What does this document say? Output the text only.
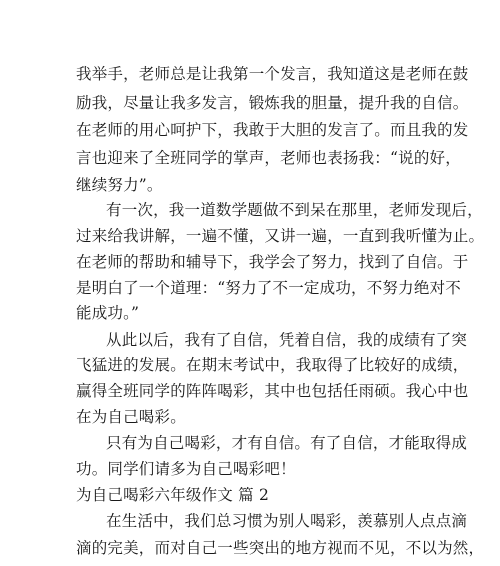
我举手，老师总是让我第一个发言，我知道这是老师在鼓
励我，尽量让我多发言，锻炼我的胆量，提升我的自信。
在老师的用心呵护下，我敢于大胆的发言了。而且我的发
言也迎来了全班同学的掌声，老师也表扬我：“说的好，
继续努力”。
有一次，我一道数学题做不到呆在那里，老师发现后，
过来给我讲解，一遍不懂，又讲一遍，一直到我听懂为止。
在老师的帮助和辅导下，我学会了努力，找到了自信。于
是明白了一个道理：“努力了不一定成功，不努力绝对不
能成功。”
从此以后，我有了自信，凭着自信，我的成绩有了突
飞猛进的发展。在期末考试中，我取得了比较好的成绩，
赢得全班同学的阵阵喝彩，其中也包括任雨硕。我心中也
在为自己喝彩。
只有为自己喝彩，才有自信。有了自信，才能取得成
功。同学们请多为自己喝彩吧！
为自己喝彩六年级作文 篇 2
在生活中，我们总习惯为别人喝彩，羡慕别人点点滴
滴的完美，而对自己一些突出的地方视而不见，不以为然，
